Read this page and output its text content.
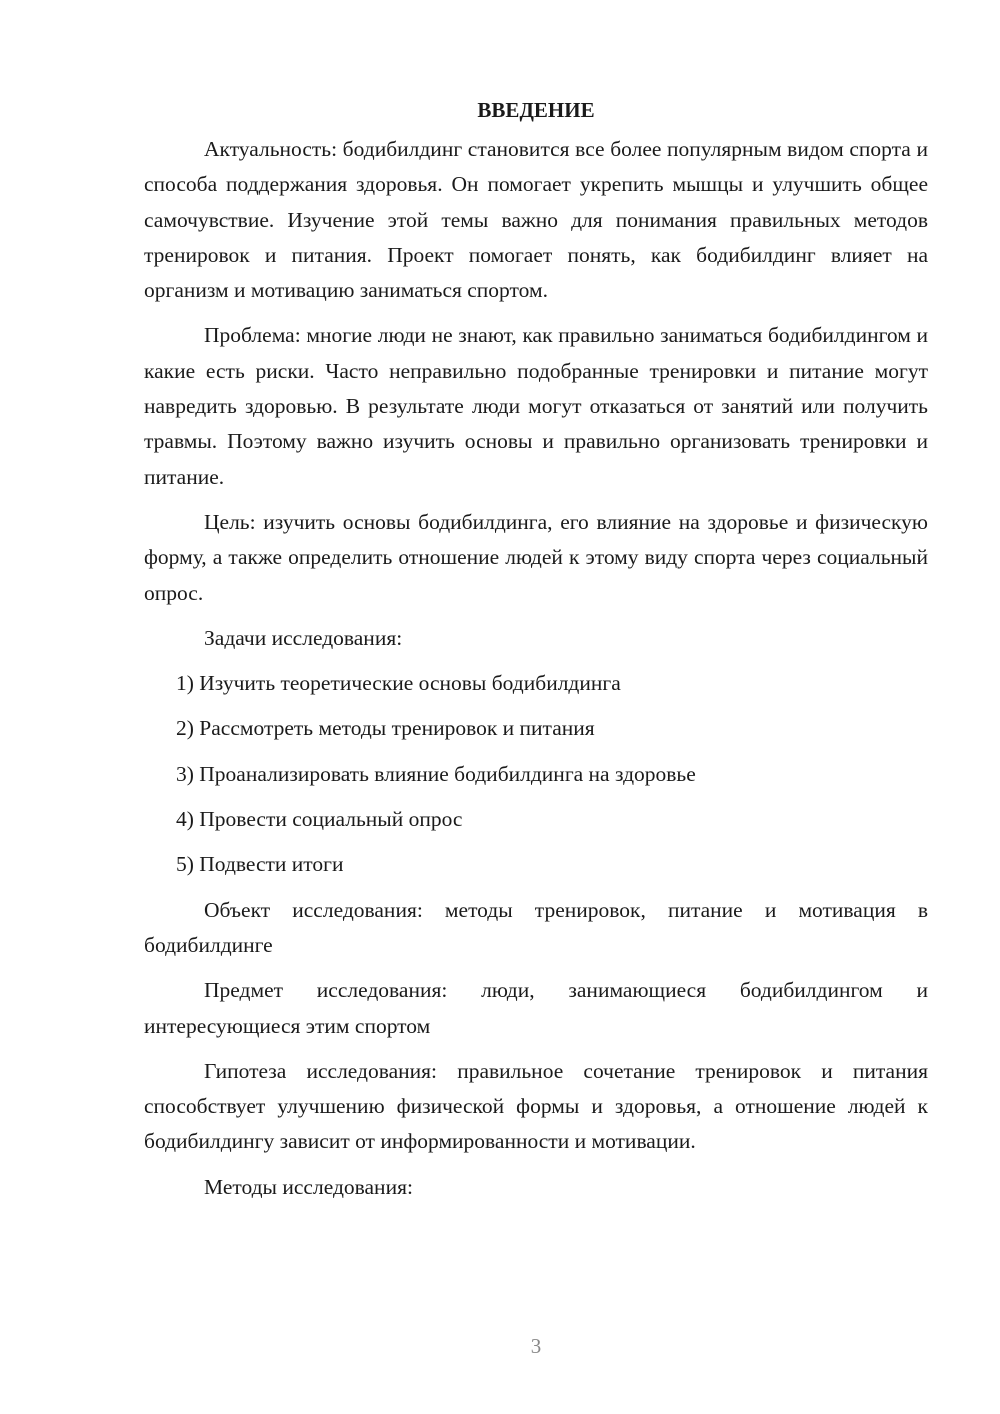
ВВЕДЕНИЕ

Актуальность: бодибилдинг становится все более популярным видом спорта и способа поддержания здоровья. Он помогает укрепить мышцы и улучшить общее самочувствие. Изучение этой темы важно для понимания правильных методов тренировок и питания. Проект помогает понять, как бодибилдинг влияет на организм и мотивацию заниматься спортом.

Проблема: многие люди не знают, как правильно заниматься бодибилдингом и какие есть риски. Часто неправильно подобранные тренировки и питание могут навредить здоровью. В результате люди могут отказаться от занятий или получить травмы. Поэтому важно изучить основы и правильно организовать тренировки и питание.

Цель: изучить основы бодибилдинга, его влияние на здоровье и физическую форму, а также определить отношение людей к этому виду спорта через социальный опрос.

Задачи исследования:

1) Изучить теоретические основы бодибилдинга
2) Рассмотреть методы тренировок и питания
3) Проанализировать влияние бодибилдинга на здоровье
4) Провести социальный опрос
5) Подвести итоги

Объект исследования: методы тренировок, питание и мотивация в бодибилдинге

Предмет исследования: люди, занимающиеся бодибилдингом и интересующиеся этим спортом

Гипотеза исследования: правильное сочетание тренировок и питания способствует улучшению физической формы и здоровья, а отношение людей к бодибилдингу зависит от информированности и мотивации.

Методы исследования:

3
